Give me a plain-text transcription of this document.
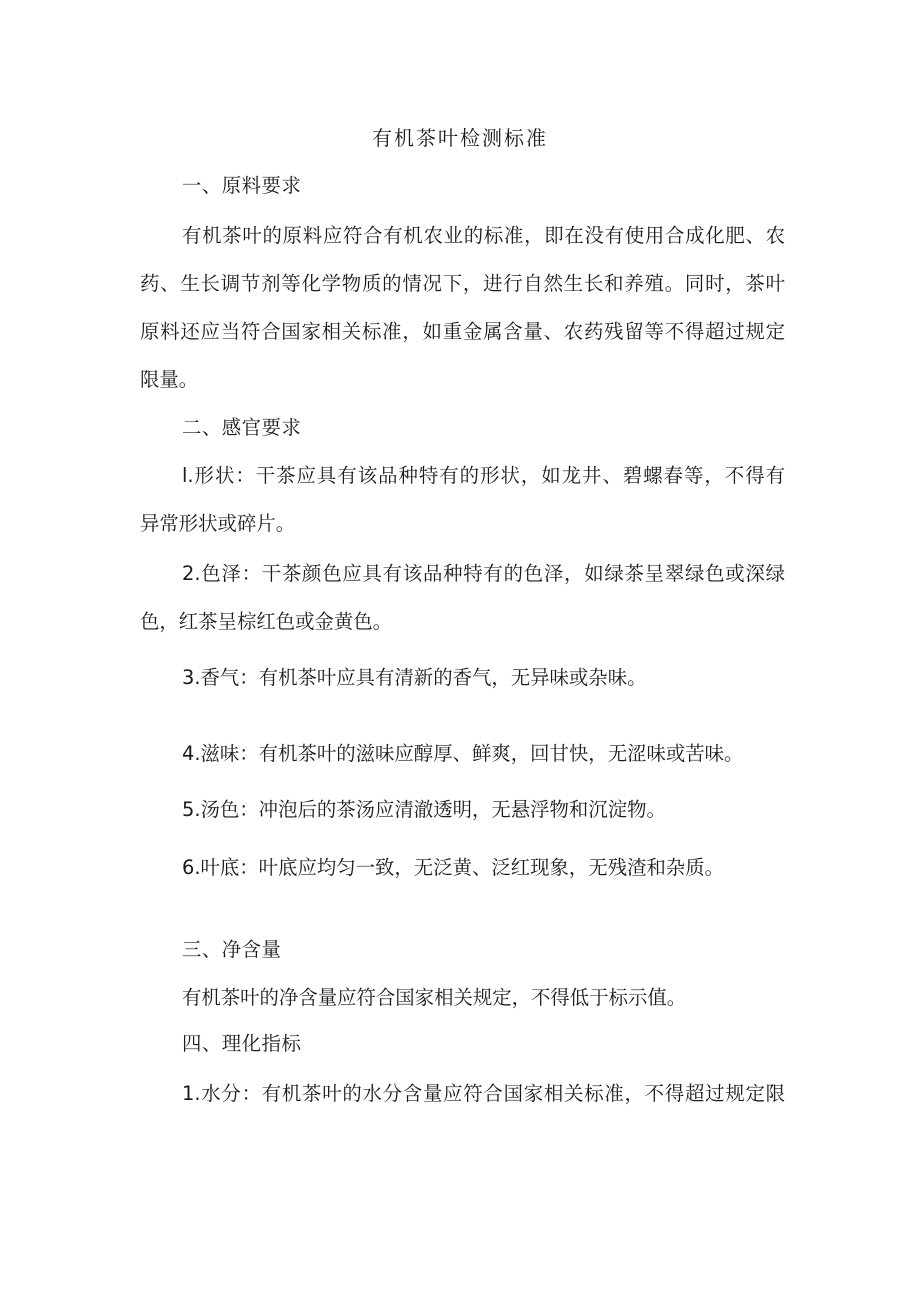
有机茶叶检测标准

一、原料要求

有机茶叶的原料应符合有机农业的标准，即在没有使用合成化肥、农

药、生长调节剂等化学物质的情况下，进行自然生长和养殖。同时，茶叶

原料还应当符合国家相关标准，如重金属含量、农药残留等不得超过规定

限量。

二、感官要求

l.形状：干茶应具有该品种特有的形状，如龙井、碧螺春等，不得有

异常形状或碎片。

2.色泽：干茶颜色应具有该品种特有的色泽，如绿茶呈翠绿色或深绿

色，红茶呈棕红色或金黄色。

3.香气：有机茶叶应具有清新的香气，无异味或杂味。

4.滋味：有机茶叶的滋味应醇厚、鲜爽，回甘快，无涩味或苦味。

5.汤色：冲泡后的茶汤应清澈透明，无悬浮物和沉淀物。

6.叶底：叶底应均匀一致，无泛黄、泛红现象，无残渣和杂质。

三、净含量

有机茶叶的净含量应符合国家相关规定，不得低于标示值。

四、理化指标

1.水分：有机茶叶的水分含量应符合国家相关标准，不得超过规定限
